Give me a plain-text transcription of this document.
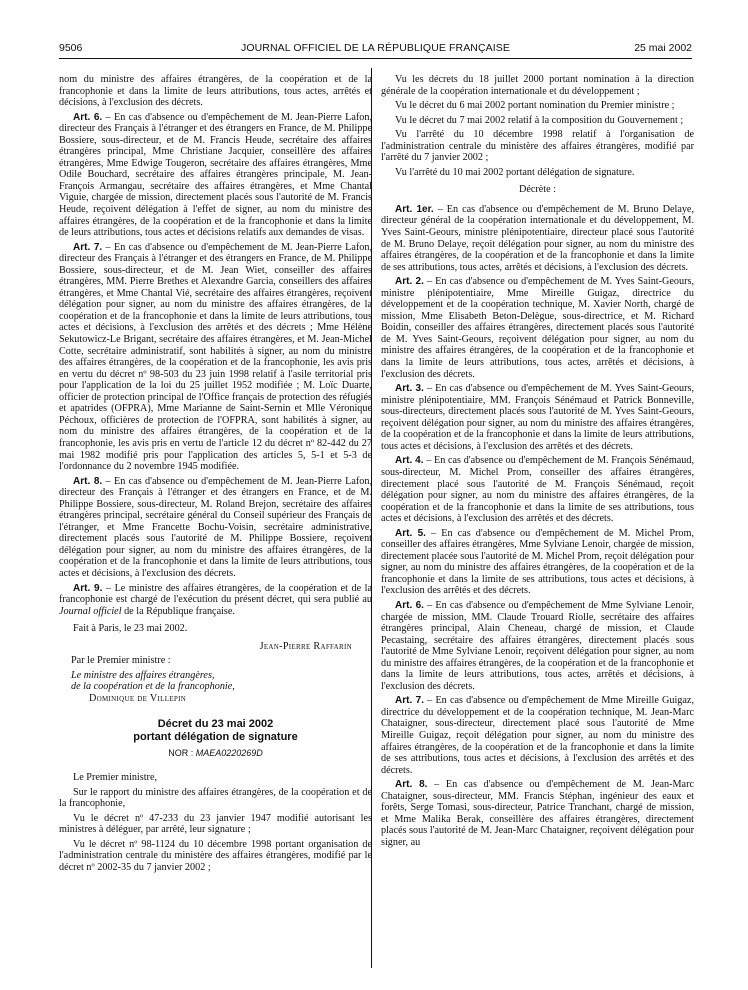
9506	JOURNAL OFFICIEL DE LA RÉPUBLIQUE FRANÇAISE	25 mai 2002

nom du ministre des affaires étrangères, de la coopération et de la francophonie et dans la limite de leurs attributions, tous actes, arrêtés et décisions, à l'exclusion des décrets.

Art. 6. – En cas d'absence ou d'empêchement de M. Jean-Pierre Lafon, directeur des Français à l'étranger et des étrangers en France, de M. Philippe Bossiere, sous-directeur, et de M. Francis Heude, secrétaire des affaires étrangères principal, Mme Christiane Jacquier, conseillère des affaires étrangères, Mme Edwige Tougeron, secrétaire des affaires étrangères, Mme Odile Bouchard, secrétaire des affaires étrangères principale, M. Jean-François Armangau, secrétaire des affaires étrangères, et Mme Chantal Viguie, chargée de mission, directement placés sous l'autorité de M. Francis Heude, reçoivent délégation à l'effet de signer, au nom du ministre des affaires étrangères, de la coopération et de la francophonie et dans la limite de leurs attributions, tous actes et décisions relatifs aux demandes de visas.

Art. 7. – En cas d'absence ou d'empêchement de M. Jean-Pierre Lafon, directeur des Français à l'étranger et des étrangers en France, de M. Philippe Bossiere, sous-directeur, et de M. Jean Wiet, conseiller des affaires étrangères, MM. Pierre Brethes et Alexandre Garcia, conseillers des affaires étrangères, et Mme Chantal Vié, secrétaire des affaires étrangères, reçoivent délégation pour signer, au nom du ministre des affaires étrangères, de la coopération et de la francophonie et dans la limite de leurs attributions, tous actes et décisions, à l'exclusion des arrêtés et des décrets ; Mme Hélène Sekutowicz-Le Brigant, secrétaire des affaires étrangères, et M. Jean-Michel Cotte, secrétaire administratif, sont habilités à signer, au nom du ministre des affaires étrangères, de la coopération et de la francophonie, les avis pris en vertu du décret nº 98-503 du 23 juin 1998 relatif à l'asile territorial pris pour l'application de la loi du 25 juillet 1952 modifiée ; M. Loïc Duarte, officier de protection principal de l'Office français de protection des réfugiés et apatrides (OFPRA), Mme Marianne de Saint-Sernin et Mlle Véronique Péchoux, officières de protection de l'OFPRA, sont habilités à signer, au nom du ministre des affaires étrangères, de la coopération et de la francophonie, les avis pris en vertu de l'article 12 du décret nº 82-442 du 27 mai 1982 modifié pris pour l'application des articles 5, 5-1 et 5-3 de l'ordonnance du 2 novembre 1945 modifiée.

Art. 8. – En cas d'absence ou d'empêchement de M. Jean-Pierre Lafon, directeur des Français à l'étranger et des étrangers en France, et de M. Philippe Bossiere, sous-directeur, M. Roland Brejon, secrétaire des affaires étrangères principal, secrétaire général du Conseil supérieur des Français de l'étranger, et Mme Francette Bochu-Voisin, secrétaire administrative, directement placés sous l'autorité de M. Philippe Bossiere, reçoivent délégation pour signer, au nom du ministre des affaires étrangères, de la coopération et de la francophonie et dans la limite de leurs attributions, tous actes et décisions, à l'exclusion des décrets.

Art. 9. – Le ministre des affaires étrangères, de la coopération et de la francophonie est chargé de l'exécution du présent décret, qui sera publié au Journal officiel de la République française.

Fait à Paris, le 23 mai 2002.

Jean-Pierre Raffarin

Par le Premier ministre :

Le ministre des affaires étrangères,

de la coopération et de la francophonie,

Dominique de Villepin

Décret du 23 mai 2002
portant délégation de signature
NOR : MAEA0220269D

Le Premier ministre,

Sur le rapport du ministre des affaires étrangères, de la coopération et de la francophonie,

Vu le décret nº 47-233 du 23 janvier 1947 modifié autorisant les ministres à déléguer, par arrêté, leur signature ;

Vu le décret nº 98-1124 du 10 décembre 1998 portant organisation de l'administration centrale du ministère des affaires étrangères, modifié par le décret nº 2002-35 du 7 janvier 2002 ;

Vu les décrets du 18 juillet 2000 portant nomination à la direction générale de la coopération internationale et du développement ;

Vu le décret du 6 mai 2002 portant nomination du Premier ministre ;

Vu le décret du 7 mai 2002 relatif à la composition du Gouvernement ;

Vu l'arrêté du 10 décembre 1998 relatif à l'organisation de l'administration centrale du ministère des affaires étrangères, modifié par l'arrêté du 7 janvier 2002 ;

Vu l'arrêté du 10 mai 2002 portant délégation de signature.

Décrète :

Art. 1er. – En cas d'absence ou d'empêchement de M. Bruno Delaye, directeur général de la coopération internationale et du développement, M. Yves Saint-Geours, ministre plénipotentiaire, directeur placé sous l'autorité de M. Bruno Delaye, reçoit délégation pour signer, au nom du ministre des affaires étrangères, de la coopération et de la francophonie et dans la limite de ses attributions, tous actes, arrêtés et décisions, à l'exclusion des décrets.

Art. 2. – En cas d'absence ou d'empêchement de M. Yves Saint-Geours, ministre plénipotentiaire, Mme Mireille Guigaz, directrice du développement et de la coopération technique, M. Xavier North, chargé de mission, Mme Elisabeth Beton-Delègue, sous-directrice, et M. Richard Boidin, conseiller des affaires étrangères, directement placés sous l'autorité de M. Yves Saint-Geours, reçoivent délégation pour signer, au nom du ministre des affaires étrangères, de la coopération et de la francophonie et dans la limite de leurs attributions, tous actes, arrêtés et décisions, à l'exclusion des décrets.

Art. 3. – En cas d'absence ou d'empêchement de M. Yves Saint-Geours, ministre plénipotentiaire, MM. François Sénémaud et Patrick Bonneville, sous-directeurs, directement placés sous l'autorité de M. Yves Saint-Geours, reçoivent délégation pour signer, au nom du ministre des affaires étrangères, de la coopération et de la francophonie et dans la limite de leurs attributions, tous actes et décisions, à l'exclusion des arrêtés et des décrets.

Art. 4. – En cas d'absence ou d'empêchement de M. François Sénémaud, sous-directeur, M. Michel Prom, conseiller des affaires étrangères, directement placé sous l'autorité de M. François Sénémaud, reçoit délégation pour signer, au nom du ministre des affaires étrangères, de la coopération et de la francophonie et dans la limite de ses attributions, tous actes et décisions, à l'exclusion des arrêtés et des décrets.

Art. 5. – En cas d'absence ou d'empêchement de M. Michel Prom, conseiller des affaires étrangères, Mme Sylviane Lenoir, chargée de mission, directement placée sous l'autorité de M. Michel Prom, reçoit délégation pour signer, au nom du ministre des affaires étrangères, de la coopération et de la francophonie et dans la limite de ses attributions, tous actes et décisions, à l'exclusion des arrêtés et des décrets.

Art. 6. – En cas d'absence ou d'empêchement de Mme Sylviane Lenoir, chargée de mission, MM. Claude Trouard Riolle, secrétaire des affaires étrangères principal, Alain Cheneau, chargé de mission, et Claude Pecastaing, secrétaire des affaires étrangères, directement placés sous l'autorité de Mme Sylviane Lenoir, reçoivent délégation pour signer, au nom du ministre des affaires étrangères, de la coopération et de la francophonie et dans la limite de leurs attributions, tous actes, arrêtés et décisions, à l'exclusion des décrets.

Art. 7. – En cas d'absence ou d'empêchement de Mme Mireille Guigaz, directrice du développement et de la coopération technique, M. Jean-Marc Chataigner, sous-directeur, directement placé sous l'autorité de Mme Mireille Guigaz, reçoit délégation pour signer, au nom du ministre des affaires étrangères, de la coopération et de la francophonie et dans la limite de ses attributions, tous actes et décisions, à l'exclusion des arrêtés et des décrets.

Art. 8. – En cas d'absence ou d'empêchement de M. Jean-Marc Chataigner, sous-directeur, MM. Francis Stéphan, ingénieur des eaux et forêts, Serge Tomasi, sous-directeur, Patrice Tranchant, chargé de mission, et Mme Malika Berak, conseillère des affaires étrangères, directement placés sous l'autorité de M. Jean-Marc Chataigner, reçoivent délégation pour signer, au
